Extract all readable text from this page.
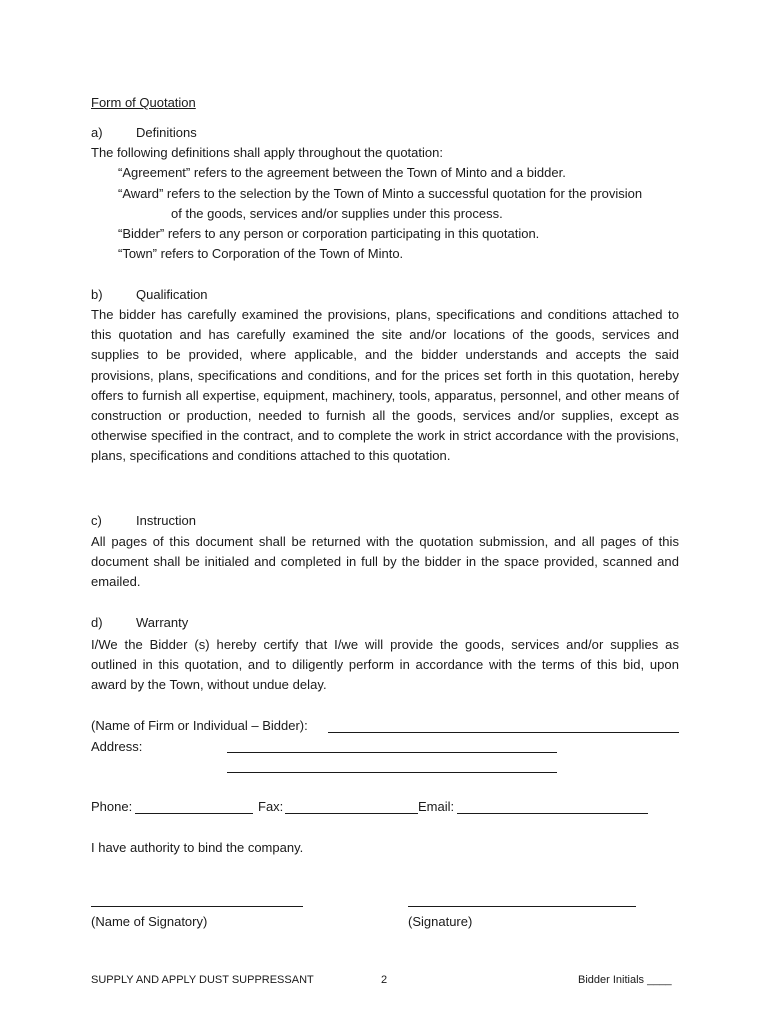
Form of Quotation
a)	Definitions
The following definitions shall apply throughout the quotation:
“Agreement” refers to the agreement between the Town of Minto and a bidder.
“Award” refers to the selection by the Town of Minto a successful quotation for the provision
of the goods, services and/or supplies under this process.
“Bidder” refers to any person or corporation participating in this quotation.
“Town” refers to Corporation of the Town of Minto.
b)	Qualification
The bidder has carefully examined the provisions, plans, specifications and conditions attached to this quotation and has carefully examined the site and/or locations of the goods, services and supplies to be provided, where applicable, and the bidder understands and accepts the said provisions, plans, specifications and conditions, and for the prices set forth in this quotation, hereby offers to furnish all expertise, equipment, machinery, tools, apparatus, personnel, and other means of construction or production, needed to furnish all the goods, services and/or supplies, except as otherwise specified in the contract, and to complete the work in strict accordance with the provisions, plans, specifications and conditions attached to this quotation.
c)	Instruction
All pages of this document shall be returned with the quotation submission, and all pages of this document shall be initialed and completed in full by the bidder in the space provided, scanned and emailed.
d)	Warranty
I/We the Bidder (s) hereby certify that I/we will provide the goods, services and/or supplies as outlined in this quotation, and to diligently perform in accordance with the terms of this bid, upon award by the Town, without undue delay.
(Name of Firm or Individual – Bidder):
Address:
Phone:	Fax:	Email:
I have authority to bind the company.
(Name of Signatory)	(Signature)
SUPPLY AND APPLY DUST SUPPRESSANT	2	Bidder Initials ____
